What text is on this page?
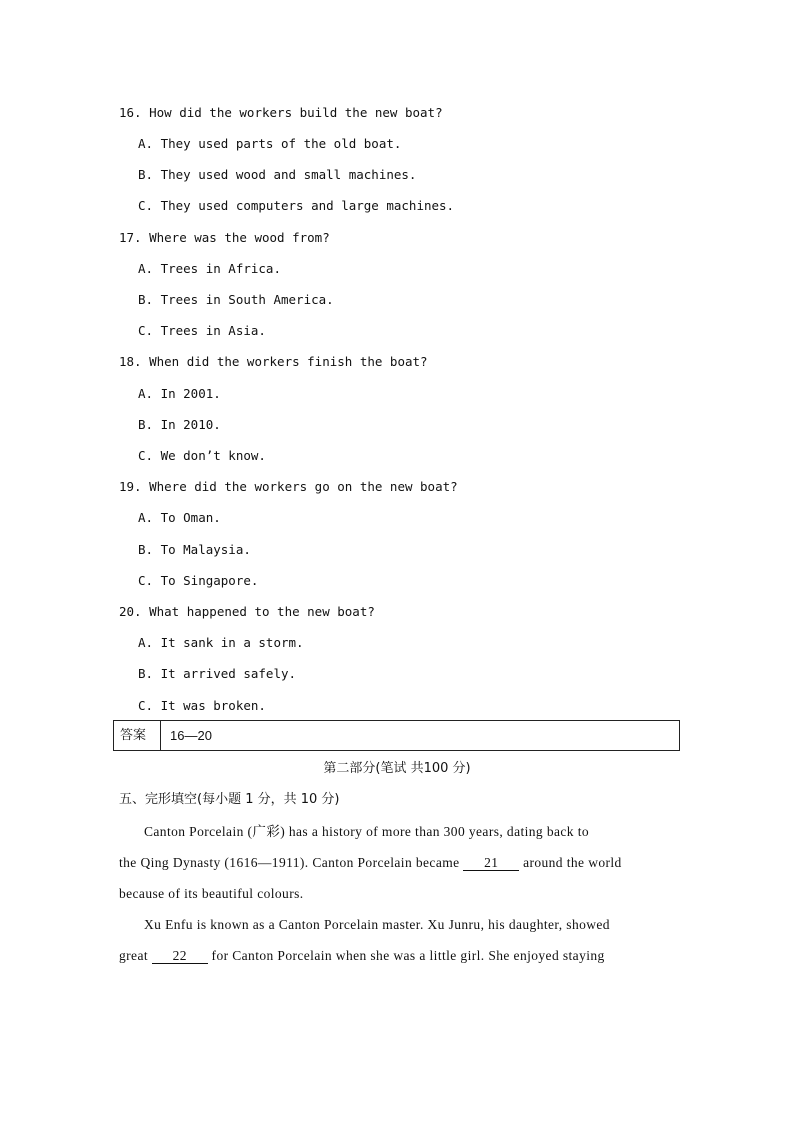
16. How did the workers build the new boat?
A. They used parts of the old boat.
B. They used wood and small machines.
C. They used computers and large machines.
17. Where was the wood from?
A. Trees in Africa.
B. Trees in South America.
C. Trees in Asia.
18. When did the workers finish the boat?
A. In 2001.
B. In 2010.
C. We don’t know.
19. Where did the workers go on the new boat?
A. To Oman.
B. To Malaysia.
C. To Singapore.
20. What happened to the new boat?
A. It sank in a storm.
B. It arrived safely.
C. It was broken.
答案	16—20
第二部分(笔试 共100 分)
五、完形填空(每小题 1 分，共 10 分)
Canton Porcelain (广彩) has a history of more than 300 years, dating back to
the Qing Dynasty (1616—1911). Canton Porcelain became 21 around the world
because of its beautiful colours.
Xu Enfu is known as a Canton Porcelain master. Xu Junru, his daughter, showed
great 22 for Canton Porcelain when she was a little girl. She enjoyed staying
